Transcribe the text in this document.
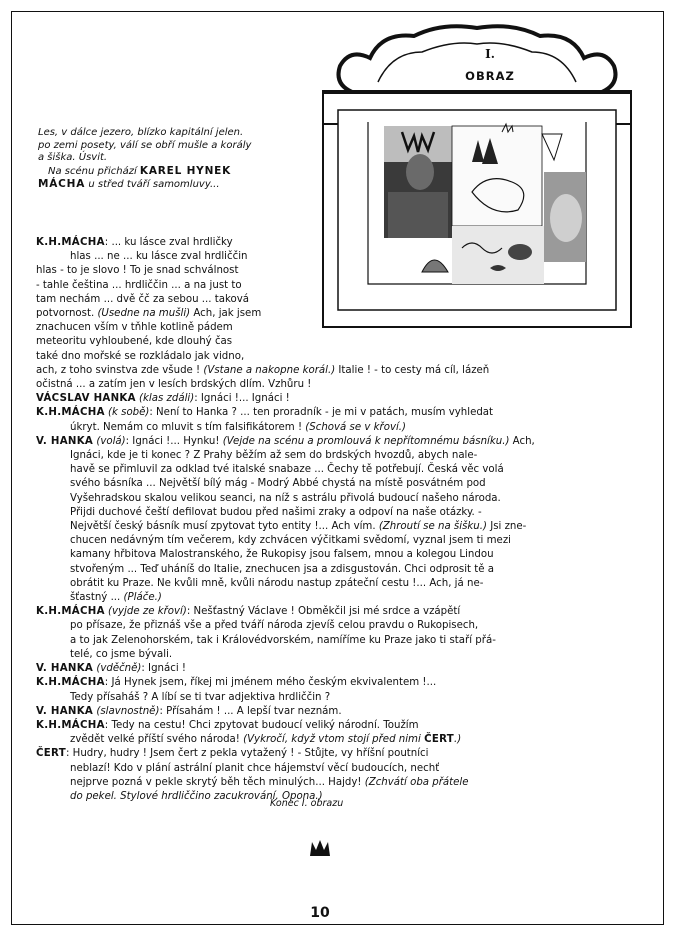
I.
OBRAZ
Les, v dálce jezero, blízko kapitální jelen.
po zemi posety, válí se obří mušle a korály
a šiška. Úsvit.
Na scénu přichází KAREL HYNEK
MÁCHA u střed tváří samomluvy...
K.H.MÁCHA: ... ku lásce zval hrdličky
hlas ... ne ... ku lásce zval hrdliččin
hlas - to je slovo ! To je snad schválnost
- tahle čeština ... hrdliččin ... a na just to
tam nechám ... dvě čč za sebou ... taková
potvornost. (Usedne na mušli) Ach, jak jsem
znachucen vším v tňhle kotlině pádem
meteoritu vyhloubené, kde dlouhý čas
také dno mořské se rozkládalo jak vidno,
ach, z toho svinstva zde všude ! (Vstane a nakopne korál.) Italie ! - to cesty má cíl, lázeň
očistná ... a zatím jen v lesích brdských dlím. Vzhůru !
VÁCSLAV HANKA (klas zdáli): Ignáci !... Ignáci !
K.H.MÁCHA (k sobě): Není to Hanka ? ... ten proradník - je mi v patách, musím vyhledat
úkryt. Nemám co mluvit s tím falsifikátorem ! (Schová se v křoví.)
V. HANKA (volá): Ignáci !... Hynku! (Vejde na scénu a promlouvá k nepřítomnému básníku.) Ach,
Ignáci, kde je ti konec ? Z Prahy běžím až sem do brdských hvozdů, abych nale-
havě se přimluvil za odklad tvé italské snabaze ... Čechy tě potřebují. Česká věc volá
svého básníka ... Největší bílý mág - Modrý Abbé chystá na místě posvátném pod
Vyšehradskou skalou velikou seanci, na níž s astrálu přivolá budoucí našeho národa.
Přijdi duchové čeští defilovat budou před našimi zraky a odpoví na naše otázky. -
Největší český básník musí zpytovat tyto entity !... Ach vím. (Zhroutí se na šišku.) Jsi zne-
chucen nedávným tím večerem, kdy zchvácen výčitkami svědomí, vyznal jsem ti mezi
kamany hřbitova Malostranského, že Rukopisy jsou falsem, mnou a kolegou Lindou
stvořeným ... Teď uháníš do Italie, znechucen jsa a zdisgustován. Chci odprosit tě a
obrátit ku Praze. Ne kvůli mně, kvůli národu nastup zpáteční cestu !... Ach, já ne-
šťastný ... (Pláče.)
K.H.MÁCHA (vyjde ze křoví): Nešťastný Václave ! Obměkčil jsi mé srdce a vzápětí
po přísaze, že přiznáš vše a před tváří národa zjevíš celou pravdu o Rukopisech,
a to jak Zelenohorském, tak i Královédvorském, namíříme ku Praze jako ti staří přá-
telé, co jsme bývali.
V. HANKA (vděčně): Ignáci !
K.H.MÁCHA: Já Hynek jsem, říkej mi jménem mého českým ekvivalentem !...
Tedy přísaháš ? A líbí se ti tvar adjektiva hrdliččin ?
V. HANKA (slavnostně): Přísahám ! ... A lepší tvar neznám.
K.H.MÁCHA: Tedy na cestu! Chci zpytovat budoucí veliký národní. Toužím
zvědět velké příští svého národa! (Vykročí, když vtom stojí před nimi ČERT.)
ČERT: Hudry, hudry ! Jsem čert z pekla vytažený ! - Stůjte, vy hříšní poutníci
neblazí! Kdo v plání astrální planit chce hájemství věcí budoucích, nechť
nejprve pozná v pekle skrytý běh těch minulých... Hajdy! (Zchvátí oba přátele
do pekel. Stylové hrdliččino zacukrování. Opona.)
Konec I. obrazu
10
